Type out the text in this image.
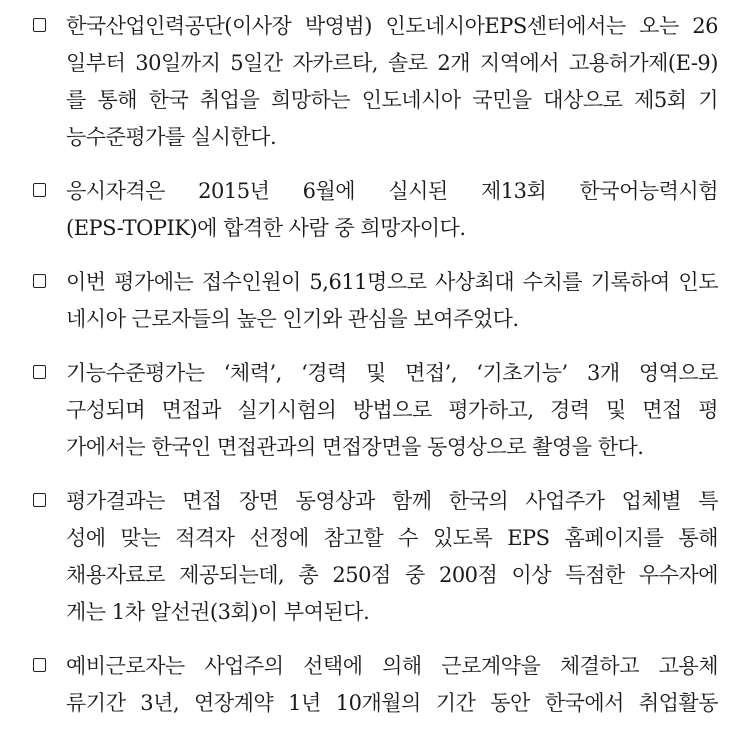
한국산업인력공단(이사장 박영범) 인도네시아EPS센터에서는 오는 26
일부터 30일까지 5일간 자카르타, 솔로 2개 지역에서 고용허가제(E-9)
를 통해 한국 취업을 희망하는 인도네시아 국민을 대상으로 제5회 기
능수준평가를 실시한다.
응시자격은 2015년 6월에 실시된 제13회 한국어능력시험
(EPS-TOPIK)에 합격한 사람 중 희망자이다.
이번 평가에는 접수인원이 5,611명으로 사상최대 수치를 기록하여 인도
네시아 근로자들의 높은 인기와 관심을 보여주었다.
기능수준평가는 ‘체력’, ‘경력 및 면접’, ‘기초기능’ 3개 영역으로
구성되며 면접과 실기시험의 방법으로 평가하고, 경력 및 면접 평
가에서는 한국인 면접관과의 면접장면을 동영상으로 촬영을 한다.
평가결과는 면접 장면 동영상과 함께 한국의 사업주가 업체별 특
성에 맞는 적격자 선정에 참고할 수 있도록 EPS 홈페이지를 통해
채용자료로 제공되는데, 총 250점 중 200점 이상 득점한 우수자에
게는 1차 알선권(3회)이 부여된다.
예비근로자는 사업주의 선택에 의해 근로계약을 체결하고 고용체
류기간 3년, 연장계약 1년 10개월의 기간 동안 한국에서 취업활동
